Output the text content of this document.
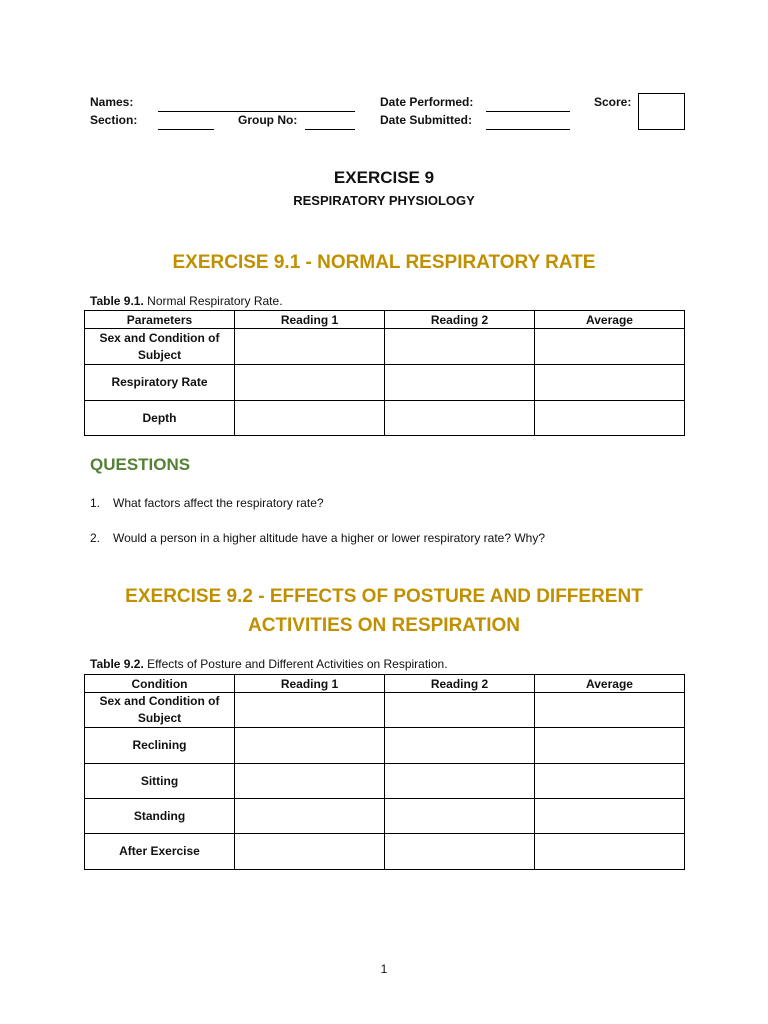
Names:
Section:	Group No:
Date Performed:
Date Submitted:
Score:
EXERCISE 9
RESPIRATORY PHYSIOLOGY
EXERCISE 9.1 - NORMAL RESPIRATORY RATE
Table 9.1. Normal Respiratory Rate.
Parameters	Reading 1	Reading 2	Average
Sex and Condition of Subject			
Respiratory Rate			
Depth			
QUESTIONS
1. What factors affect the respiratory rate?
2. Would a person in a higher altitude have a higher or lower respiratory rate? Why?
EXERCISE 9.2 - EFFECTS OF POSTURE AND DIFFERENT
ACTIVITIES ON RESPIRATION
Table 9.2. Effects of Posture and Different Activities on Respiration.
Condition	Reading 1	Reading 2	Average
Sex and Condition of Subject			
Reclining			
Sitting			
Standing			
After Exercise			
1
